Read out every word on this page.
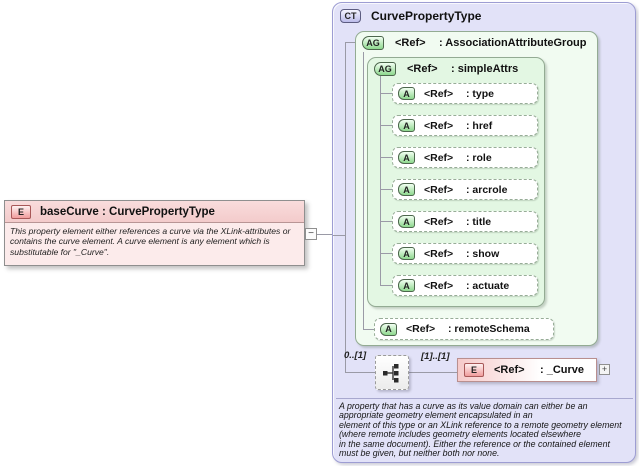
E	baseCurve : CurvePropertyType
This property element either references a curve via the XLink-attributes or
contains the curve element. A curve element is any element which is
substitutable for "_Curve".
−
CT	CurvePropertyType
AG	<Ref>	: AssociationAttributeGroup
AG	<Ref>	: simpleAttrs
A	<Ref>	: type
A	<Ref>	: href
A	<Ref>	: role
A	<Ref>	: arcrole
A	<Ref>	: title
A	<Ref>	: show
A	<Ref>	: actuate
A	<Ref>	: remoteSchema
0..[1]	[1]..[1]
E	<Ref>	: _Curve	+
A property that has a curve as its value domain can either be an
appropriate geometry element encapsulated in an
element of this type or an XLink reference to a remote geometry element
(where remote includes geometry elements located elsewhere
in the same document). Either the reference or the contained element
must be given, but neither both nor none.
